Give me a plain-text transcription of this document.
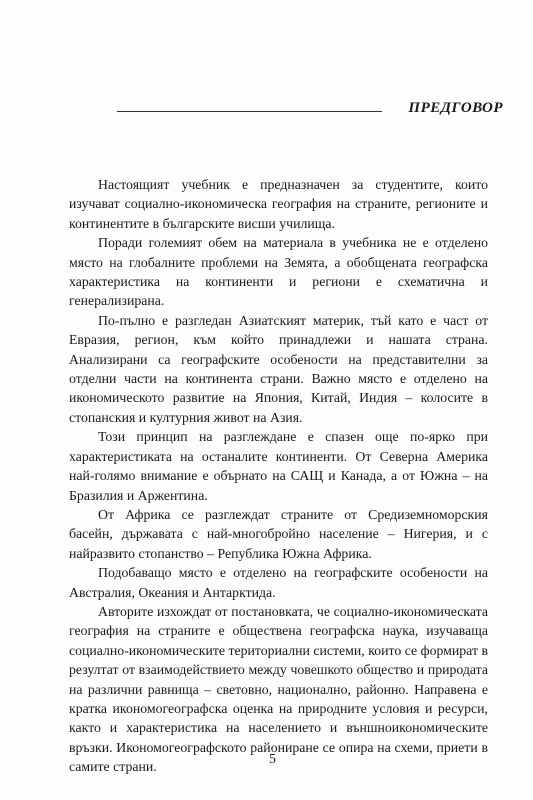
ПРЕДГОВОР

Настоящият учебник е предназначен за студентите, които изучават социално-икономическа география на страните, регионите и континентите в българските висши училища.

Поради големият обем на материала в учебника не е отделено място на глобалните проблеми на Земята, а обобщената географска характеристика на континенти и региони е схематична и генерализирана.

По-пълно е разгледан Азиатският материк, тъй като е част от Евразия, регион, към който принадлежи и нашата страна. Анализирани са географските особености на представителни за отделни части на континента страни. Важно място е отделено на икономическото развитие на Япония, Китай, Индия – колосите в стопанския и културния живот на Азия.

Този принцип на разглеждане е спазен още по-ярко при характеристиката на останалите континенти. От Северна Америка най-голямо внимание е обърнато на САЩ и Канада, а от Южна – на Бразилия и Аржентина.

От Африка се разглеждат страните от Средиземноморския басейн, държавата с най-многобройно население – Нигерия, и с найразвито стопанство – Република Южна Африка.

Подобаващо място е отделено на географските особености на Австралия, Океания и Антарктида.

Авторите изхождат от постановката, че социално-икономическата география на страните е обществена географска наука, изучаваща социално-икономическите териториални системи, които се формират в резултат от взаимодействието между човешкото общество и природата на различни равнища – световно, национално, районно. Направена е кратка икономогеографска оценка на природните условия и ресурси, както и характеристика на населението и външноикономическите връзки. Икономогеографското райониране се опира на схеми, приети в самите страни.	5
